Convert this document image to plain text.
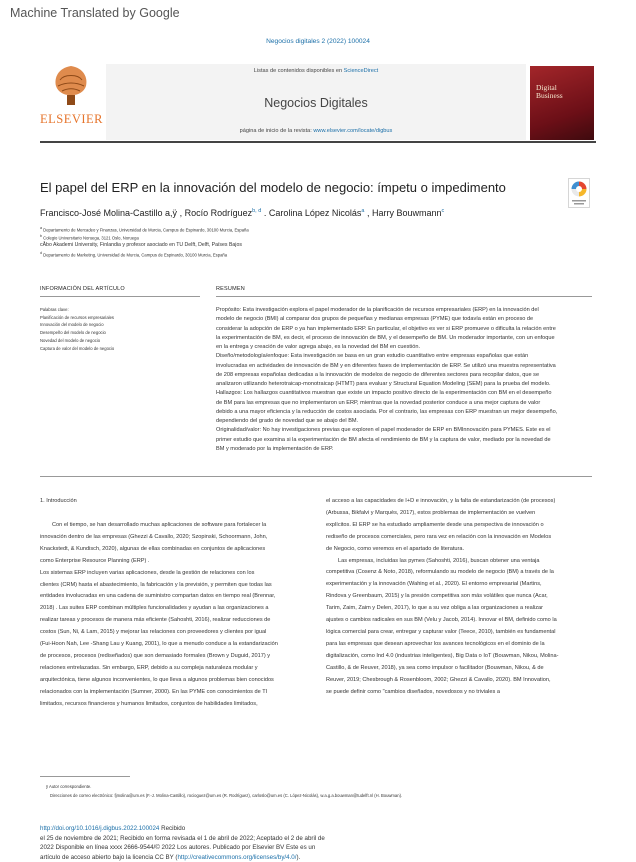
Machine Translated by Google
Negocios digitales 2 (2022) 100024
ELSEVIER
Listas de contenidos disponibles en ScienceDirect
Negocios Digitales
página de inicio de la revista: www.elsevier.com/locate/digbus
Digital
Business
El papel del ERP en la innovación del modelo de negocio: ímpetu o impedimento
Francisco-José Molina-Castillo a,ÿ , Rocío Rodríguez$^{b, d}$ . Carolina López Nicolás$^a$ , Harry Bouwmann$^c$
$^a$ Departamento de Mercadeo y Finanzas, Universidad de Murcia, Campus de Espinardo, 30100 Murcia, España
$^b$ Colegio Universitario Noruega, 3121 Oslo, Noruega
cÅbo Akademi University, Finlandia y profesor asociado en TU Delft, Delft, Países Bajos
$^d$ Departamento de Marketing, Universidad de Murcia, Campus de Espinardo, 30100 Murcia, España
INFORMACIÓN DEL ARTÍCULO	RESUMEN
Palabras clave:
Planificación de recursos empresariales
Innovación del modelo de negocio
Desempeño del modelo de negocio
Novedad del modelo de negocio
Captura de valor del modelo de negocio
Propósito: Esta investigación explora el papel moderador de la planificación de recursos empresariales (ERP) en la innovación del
modelo de negocio (BMI) al comparar dos grupos de pequeñas y medianas empresas (PYME) que todavía están en proceso de
considerar la adopción de ERP o ya han implementado ERP. En particular, el objetivo es ver si ERP promueve o dificulta la relación entre
la experimentación de BM, es decir, el proceso de innovación de BM, y el desempeño de BM. Un moderador importante, con un enfoque
en la entrega y creación de valor agrega abajo, es la novedad del BM en cuestión.
Diseño/metodología/enfoque: Esta investigación se basa en un gran estudio cuantitativo entre empresas españolas que están
involucradas en actividades de innovación de BM y en diferentes fases de implementación de ERP. Se utilizó una muestra representativa
de 208 empresas españolas dedicadas a la innovación de modelos de negocio de diferentes sectores para recopilar datos, que se
analizaron utilizando heterotraicap-monotraicap (HTMT) para evaluar y Structural Equation Modeling (SEM) para la prueba del modelo.
Hallazgos: Los hallazgos cuantitativos muestran que existe un impacto positivo directo de la experimentación con BM en el desempeño
de BM para las empresas que no implementaron un ERP, mientras que la novedad posterior conduce a una mejor captura de valor
debido a una mayor eficiencia y la reducción de costos asociada. Por el contrario, las empresas con ERP muestran un mejor desempeño,
dependiendo del grado de novedad que se abajo del BM.
Originalidad/valor: No hay investigaciones previas que exploren el papel moderador de ERP en BMInnovación para PYMES. Este es el
primer estudio que examina si la experimentación de BM afecta el rendimiento de BM y la captura de valor, mediado por la novedad de
BM y moderado por la implementación de ERP.
1. Introducción
Con el tiempo, se han desarrollado muchas aplicaciones de software para fortalecer la
innovación dentro de las empresas (Ghezzi & Cavallo, 2020; Szopinski, Schoormann, John,
Knackstedt, & Kundisch, 2020), algunas de ellas combinadas en conjuntos de aplicaciones
como Enterprise Resource Planning (ERP) .
Los sistemas ERP incluyen varias aplicaciones, desde la gestión de relaciones con los
clientes (CRM) hasta el abastecimiento, la fabricación y la previsión, y permiten que todas las
entidades involucradas en una cadena de suministro compartan datos en tiempo real (Brennar,
2018) . Las suites ERP combinan múltiples funcionalidades y ayudan a las organizaciones a
realizar tareas y procesos de manera más eficiente (Sahoshti, 2016), realizar reducciones de
costos (Sun, Ni, & Lam, 2015) y mejorar las relaciones con proveedores y clientes por igual
(Fui-Hoon Nah, Lee -Shang Lau y Kuang, 2001), lo que a menudo conduce a la estandarización
de procesos, procesos (rediseñados) que son demasiado formales (Brown y Duguid, 2017) y
relaciones entrelazadas. Sin embargo, ERP, debido a su compleja naturaleza modular y
arquitectónica, tiene algunos inconvenientes, lo que lleva a algunos problemas bien conocidos
relacionados con la implementación (Sumner, 2000). En las PYME con conocimientos de TI
limitados, recursos financieros y humanos limitados, conjuntos de habilidades limitados,
el acceso a las capacidades de I+D e innovación, y la falta de estandarización (de procesos)
(Arbussa, Bikfalvi y Marquès, 2017), estos problemas de implementación se vuelven
explícitos. El ERP se ha estudiado ampliamente desde una perspectiva de innovación o
rediseño de procesos comerciales, pero rara vez en relación con la innovación en Modelos
de Negocio, como veremos en el apartado de literatura.
Las empresas, incluidas las pymes (Sahoshti, 2016), buscan obtener una ventaja
competitiva (Cosenz & Noto, 2018), reformulando su modelo de negocio (BM) a través de la
experimentación y la innovación (Wahing et al., 2020). El entorno empresarial (Martins,
Rindova y Greenbaum, 2015) y la presión competitiva son más volátiles que nunca (Acar,
Tarim, Zaim, Zaim y Delen, 2017), lo que a su vez obliga a las organizaciones a realizar
ajustes o cambios radicales en sus BM (Velu y Jacob, 2014). Innovar el BM, definido como la
lógica comercial para crear, entregar y capturar valor (Teece, 2010), también es fundamental
para las empresas que desean aprovechar los avances tecnológicos en el dominio de la
digitalización, como Ind 4.0 (industrias inteligentes), Big Data o IoT (Bouwman, Nikou, Molina-
Castillo, & de Reuver, 2018), ya sea como impulsor o facilitador (Bouwman, Nikou, & de
Reuver, 2019; Chesbrough & Rosenbloom, 2002; Ghezzi & Cavallo, 2020). BM Innovation,
se puede definir como "cambios diseñados, novedosos y no triviales a
ÿ Autor correspondiente.
Direcciones de correo electrónico: fjmolina@um.es (F.-J. Molina-Castillo), rocioguez@um.es (R. Rodríguez), carloslo@um.es (C. López-Nicolás), w.a.g.a.bouwman@tudelft.nl (H. Bouwman).
http://doi.org/10.1016/j.digbus.2022.100024 Recibido
el 25 de noviembre de 2021; Recibido en forma revisada el 1 de abril de 2022; Aceptado el 2 de abril de
2022 Disponible en línea xxxx 2666-9544/© 2022 Los autores. Publicado por Elsevier BV Este es un
artículo de acceso abierto bajo la licencia CC BY (http://creativecommons.org/licenses/by/4.0/).
